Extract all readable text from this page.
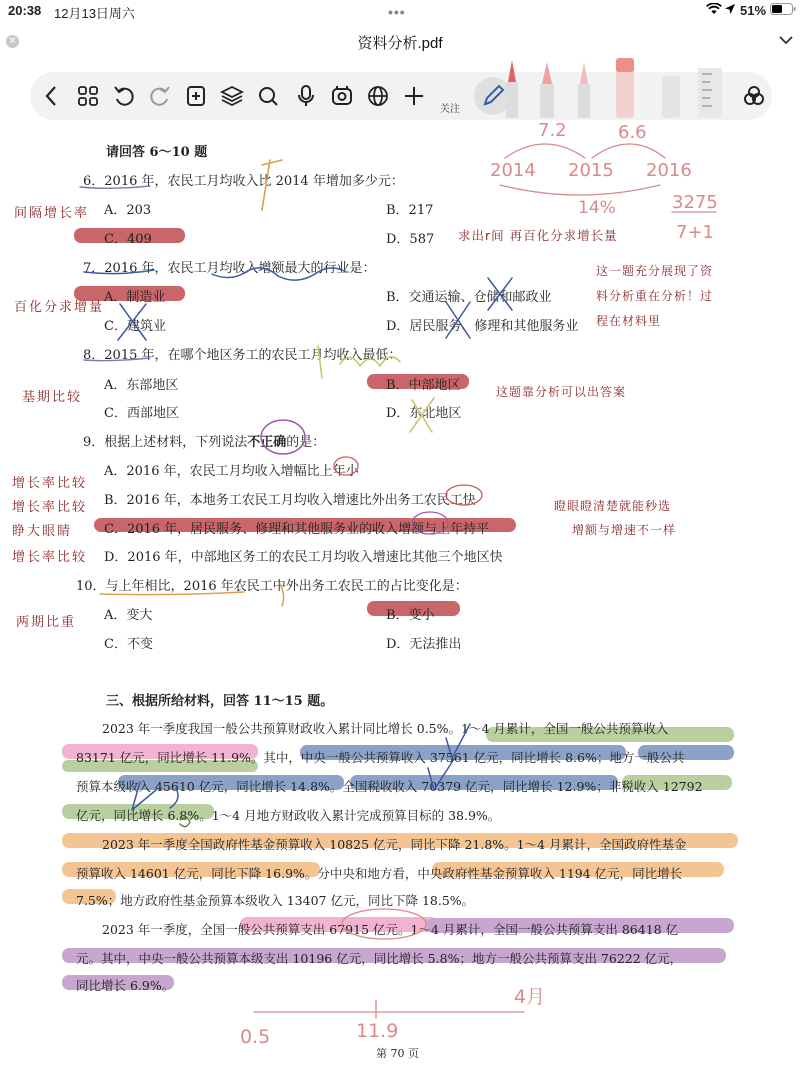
20:38 12月13日周六	•••	51%
✕	资料分析.pdf
关注
请回答 6～10 题
6．2016 年，农民工月均收入比 2014 年增加多少元：
A．203	B．217
C．409	D．587
7．2016 年，农民工月均收入增额最大的行业是：
A．制造业	B．交通运输、仓储和邮政业
C．建筑业	D．居民服务、修理和其他服务业
8．2015 年，在哪个地区务工的农民工月均收入最低：
A．东部地区	B．中部地区
C．西部地区	D．东北地区
9．根据上述材料，下列说法不正确的是：
A．2016 年，农民工月均收入增幅比上年小
B．2016 年，本地务工农民工月均收入增速比外出务工农民工快
C．2016 年，居民服务、修理和其他服务业的收入增额与上年持平
D．2016 年，中部地区务工的农民工月均收入增速比其他三个地区快
10．与上年相比，2016 年农民工中外出务工农民工的占比变化是：
A．变大	B．变小
C．不变	D．无法推出
三、根据所给材料，回答 11～15 题。
2023 年一季度我国一般公共预算财政收入累计同比增长 0.5%。1～4 月累计，全国一般公共预算收入
83171 亿元，同比增长 11.9%。其中，中央一般公共预算收入 37561 亿元，同比增长 8.6%；地方一般公共
预算本级收入 45610 亿元，同比增长 14.8%。全国税收收入 70379 亿元，同比增长 12.9%；非税收入 12792
亿元，同比增长 6.8%。1～4 月地方财政收入累计完成预算目标的 38.9%。
2023 年一季度全国政府性基金预算收入 10825 亿元，同比下降 21.8%。1～4 月累计，全国政府性基金
预算收入 14601 亿元，同比下降 16.9%。分中央和地方看，中央政府性基金预算收入 1194 亿元，同比增长
7.5%；地方政府性基金预算本级收入 13407 亿元，同比下降 18.5%。
2023 年一季度，全国一般公共预算支出 67915 亿元。1～4 月累计，全国一般公共预算支出 86418 亿
元。其中，中央一般公共预算本级支出 10196 亿元，同比增长 5.8%；地方一般公共预算支出 76222 亿元，
同比增长 6.9%。
第 70 页
间隔增长率
百化分求增量
基期比较
增长率比较
增长率比较
睁大眼睛
增长率比较
两期比重
求出r间 再百化分求增长量
这一题充分展现了资
料分析重在分析！过
程在材料里
这题靠分析可以出答案
瞪眼瞪清楚就能秒选
增额与增速不一样
7.2	6.6
2014 2015 2016
14%	3275
7+1
0.5	11.9
4月
